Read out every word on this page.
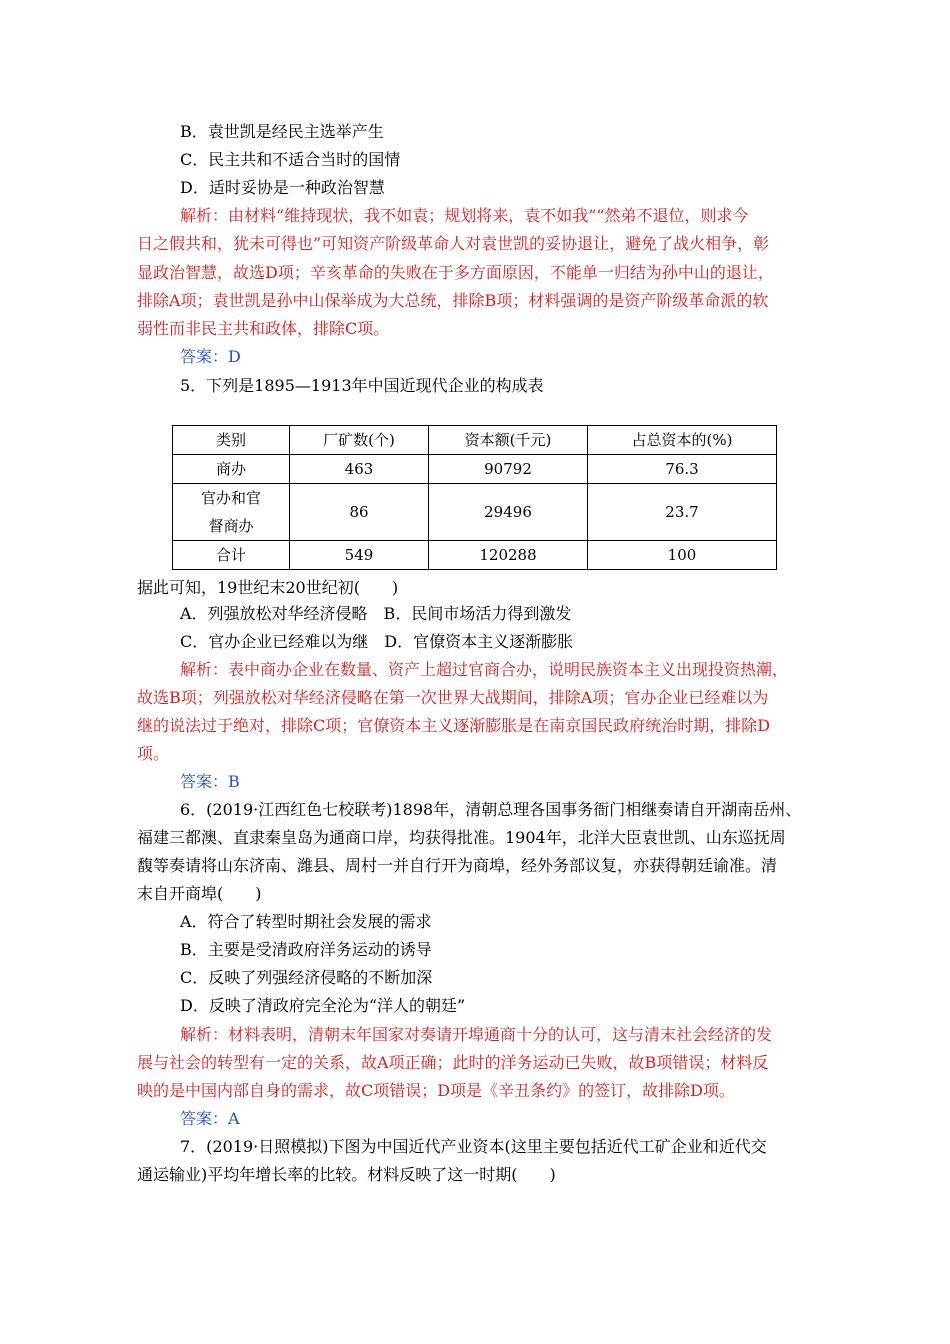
B．袁世凯是经民主选举产生
C．民主共和不适合当时的国情
D．适时妥协是一种政治智慧
解析：由材料“维持现状，我不如袁；规划将来，袁不如我”“然弟不退位，则求今
日之假共和，犹未可得也”可知资产阶级革命人对袁世凯的妥协退让，避免了战火相争，彰
显政治智慧，故选D项；辛亥革命的失败在于多方面原因，不能单一归结为孙中山的退让，
排除A项；袁世凯是孙中山保举成为大总统，排除B项；材料强调的是资产阶级革命派的软
弱性而非民主共和政体，排除C项。
答案：D
5．下列是1895—1913年中国近现代企业的构成表
类别	厂矿数(个)	资本额(千元)	占总资本的(%)
商办	463	90792	76.3

官办和官
督商办	86	29496	23.7
合计	549	120288	100
据此可知，19世纪末20世纪初(　　)
A．列强放松对华经济侵略　B．民间市场活力得到激发
C．官办企业已经难以为继　D．官僚资本主义逐渐膨胀
解析：表中商办企业在数量、资产上超过官商合办，说明民族资本主义出现投资热潮，
故选B项；列强放松对华经济侵略在第一次世界大战期间，排除A项；官办企业已经难以为
继的说法过于绝对，排除C项；官僚资本主义逐渐膨胀是在南京国民政府统治时期，排除D
项。
答案：B
6．(2019·江西红色七校联考)1898年，清朝总理各国事务衙门相继奏请自开湖南岳州、
福建三都澳、直隶秦皇岛为通商口岸，均获得批准。1904年，北洋大臣袁世凯、山东巡抚周
馥等奏请将山东济南、潍县、周村一并自行开为商埠，经外务部议复，亦获得朝廷谕准。清
末自开商埠(　　)
A．符合了转型时期社会发展的需求
B．主要是受清政府洋务运动的诱导
C．反映了列强经济侵略的不断加深
D．反映了清政府完全沦为“洋人的朝廷”
解析：材料表明，清朝末年国家对奏请开埠通商十分的认可，这与清末社会经济的发
展与社会的转型有一定的关系，故A项正确；此时的洋务运动已失败，故B项错误；材料反
映的是中国内部自身的需求，故C项错误；D项是《辛丑条约》的签订，故排除D项。
答案：A
7．(2019·日照模拟)下图为中国近代产业资本(这里主要包括近代工矿企业和近代交
通运输业)平均年增长率的比较。材料反映了这一时期(　　)
